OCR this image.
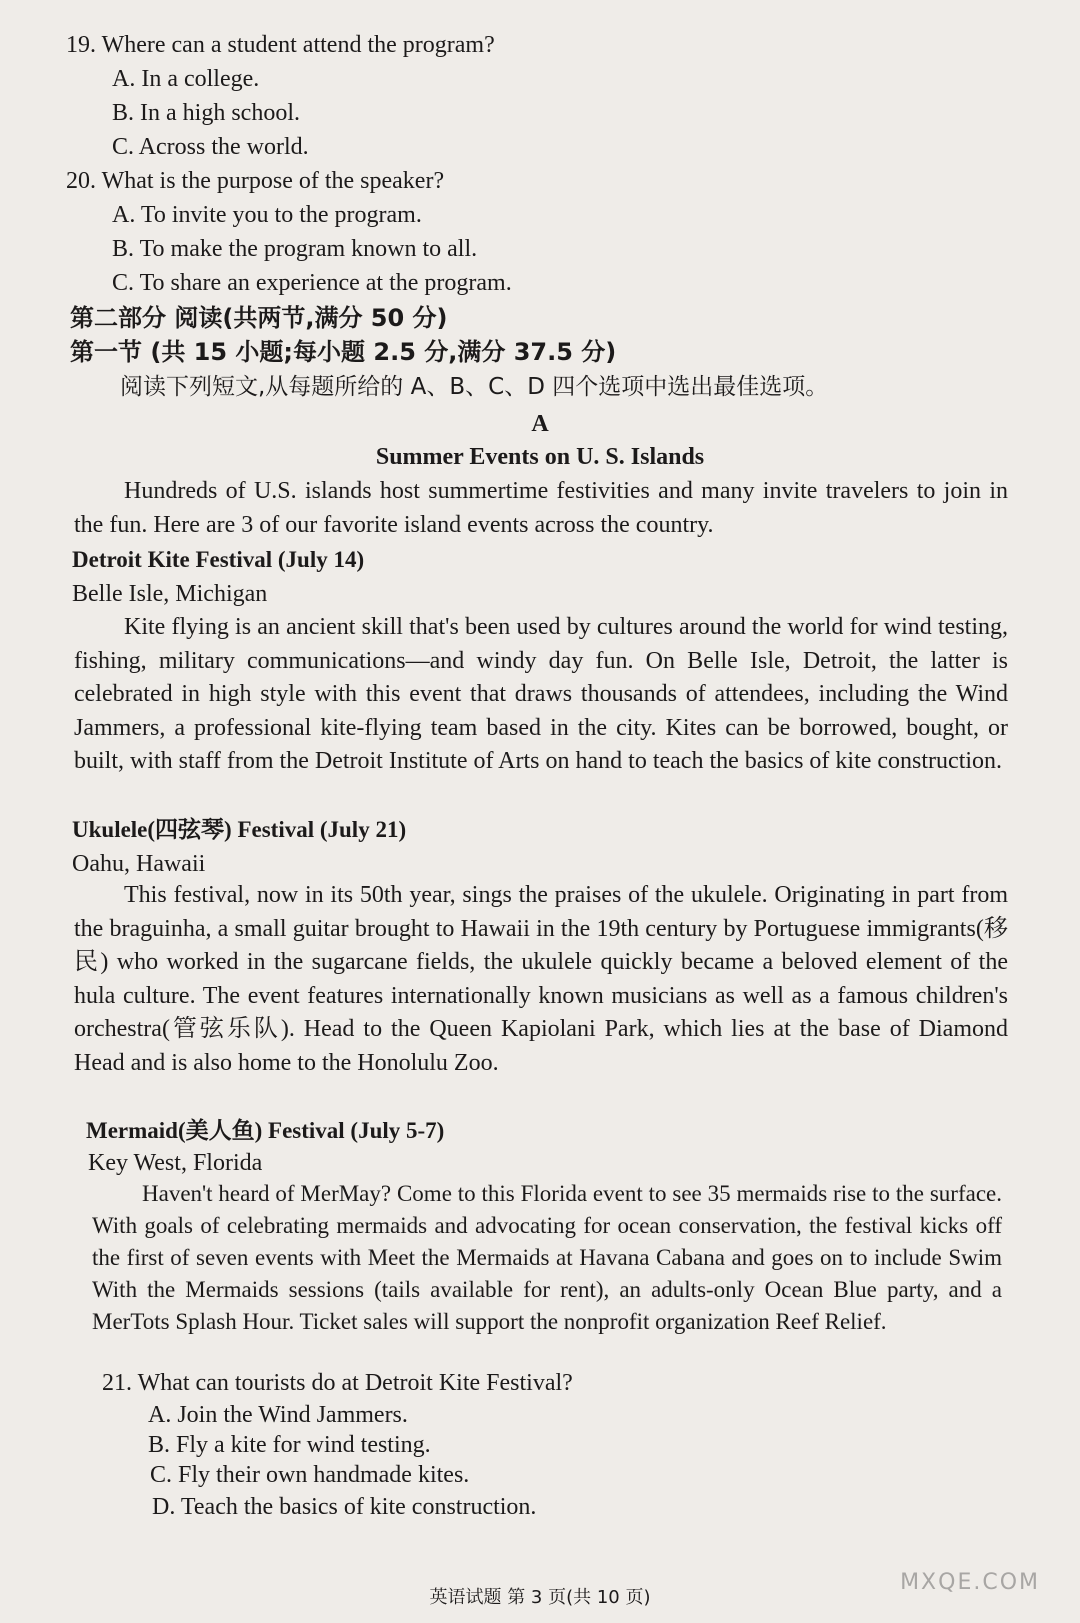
19. Where can a student attend the program?
A. In a college.
B. In a high school.
C. Across the world.
20. What is the purpose of the speaker?
A. To invite you to the program.
B. To make the program known to all.
C. To share an experience at the program.
第二部分 阅读(共两节,满分 50 分)
第一节 (共 15 小题;每小题 2.5 分,满分 37.5 分)
阅读下列短文,从每题所给的 A、B、C、D 四个选项中选出最佳选项。
A
Summer Events on U. S. Islands
Hundreds of U.S. islands host summertime festivities and many invite travelers to join in the fun. Here are 3 of our favorite island events across the country.
Detroit Kite Festival (July 14)
Belle Isle, Michigan
Kite flying is an ancient skill that's been used by cultures around the world for wind testing, fishing, military communications—and windy day fun. On Belle Isle, Detroit, the latter is celebrated in high style with this event that draws thousands of attendees, including the Wind Jammers, a professional kite-flying team based in the city. Kites can be borrowed, bought, or built, with staff from the Detroit Institute of Arts on hand to teach the basics of kite construction.
Ukulele(四弦琴) Festival (July 21)
Oahu, Hawaii
This festival, now in its 50th year, sings the praises of the ukulele. Originating in part from the braguinha, a small guitar brought to Hawaii in the 19th century by Portuguese immigrants(移民) who worked in the sugarcane fields, the ukulele quickly became a beloved element of the hula culture. The event features internationally known musicians as well as a famous children's orchestra(管弦乐队). Head to the Queen Kapiolani Park, which lies at the base of Diamond Head and is also home to the Honolulu Zoo.
Mermaid(美人鱼) Festival (July 5-7)
Key West, Florida
Haven't heard of MerMay? Come to this Florida event to see 35 mermaids rise to the surface. With goals of celebrating mermaids and advocating for ocean conservation, the festival kicks off the first of seven events with Meet the Mermaids at Havana Cabana and goes on to include Swim With the Mermaids sessions (tails available for rent), an adults-only Ocean Blue party, and a MerTots Splash Hour. Ticket sales will support the nonprofit organization Reef Relief.
21. What can tourists do at Detroit Kite Festival?
A. Join the Wind Jammers.
B. Fly a kite for wind testing.
C. Fly their own handmade kites.
D. Teach the basics of kite construction.
英语试题 第 3 页(共 10 页)
MXQE.COM
